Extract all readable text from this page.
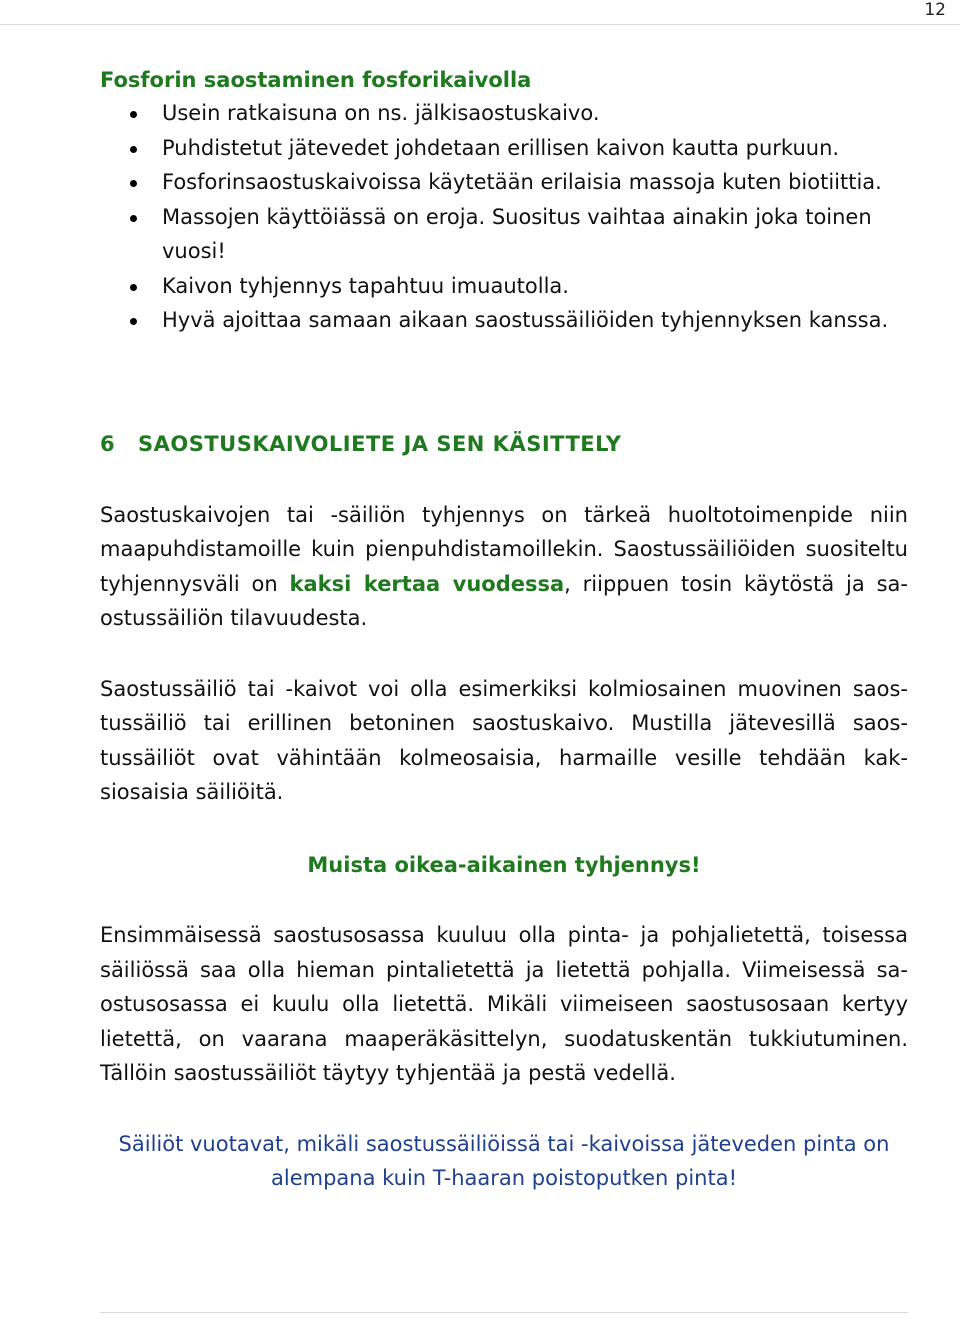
12
Fosforin saostaminen fosforikaivolla
Usein ratkaisuna on ns. jälkisaostuskaivo.
Puhdistetut jätevedet johdetaan erillisen kaivon kautta purkuun.
Fosforinsaostuskaivoissa käytetään erilaisia massoja kuten biotiittia.
Massojen käyttöiässä on eroja. Suositus vaihtaa ainakin joka toinen vuosi!
Kaivon tyhjennys tapahtuu imuautolla.
Hyvä ajoittaa samaan aikaan saostussäiliöiden tyhjennyksen kanssa.
6 SAOSTUSKAIVOLIETE JA SEN KÄSITTELY

Saostuskaivojen tai -säiliön tyhjennys on tärkeä huoltotoimenpide niin maapuhdistamoille kuin pienpuhdistamoillekin. Saostussäiliöiden suositeltu tyhjennysväli on kaksi kertaa vuodessa, riippuen tosin käytöstä ja saostussäiliön tilavuudesta.

Saostussäiliö tai -kaivot voi olla esimerkiksi kolmiosainen muovinen saostussäiliö tai erillinen betoninen saostuskaivo. Mustilla jätevesillä saostussäiliöt ovat vähintään kolmeosaisia, harmaille vesille tehdään kaksiosaisia säiliöitä.

Muista oikea-aikainen tyhjennys!

Ensimmäisessä saostusosassa kuuluu olla pinta- ja pohjalietettä, toisessa säiliössä saa olla hieman pintalietettä ja lietettä pohjalla. Viimeisessä saostusosassa ei kuulu olla lietettä. Mikäli viimeiseen saostusosaan kertyy lietettä, on vaarana maaperäkäsittelyn, suodatuskentän tukkiutuminen. Tällöin saostussäiliöt täytyy tyhjentää ja pestä vedellä.

Säiliöt vuotavat, mikäli saostussäiliöissä tai -kaivoissa jäteveden pinta on
alempana kuin T-haaran poistoputken pinta!
